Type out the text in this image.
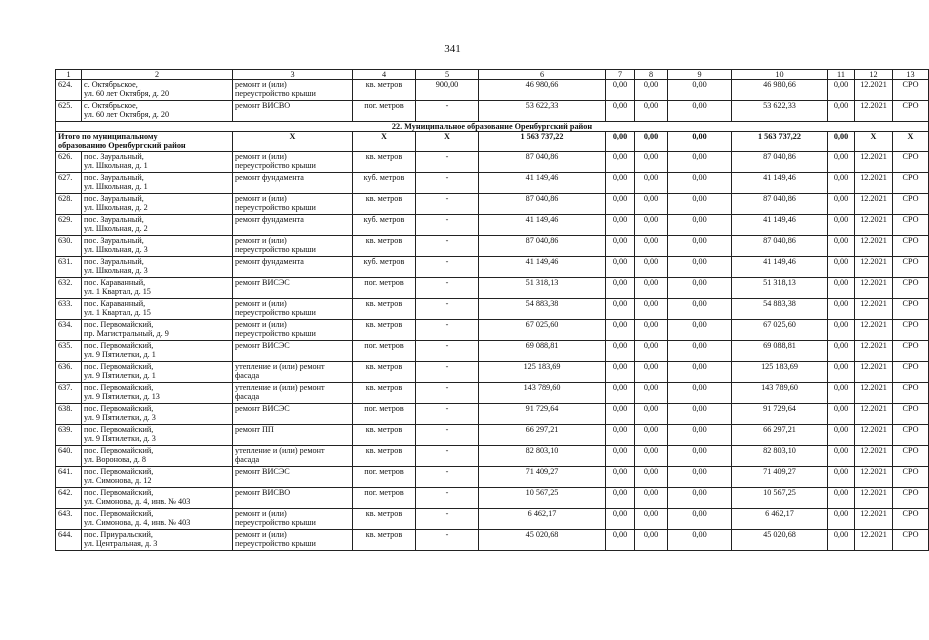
341
1	2	3	4	5	6	7	8	9	10	11	12	13
624.	с. Октябрьское,
ул. 60 лет Октября, д. 20	ремонт и (или)
переустройство крыши	кв. метров	900,00	46 980,66	0,00	0,00	0,00	46 980,66	0,00	12.2021	СРО
625.	с. Октябрьское,
ул. 60 лет Октября, д. 20	ремонт ВИСВО	пог. метров	-	53 622,33	0,00	0,00	0,00	53 622,33	0,00	12.2021	СРО
22. Муниципальное образование Оренбургский район												

Итого по муниципальному
образованию Оренбургский район		X	X	X	1 563 737,22	0,00	0,00	0,00	1 563 737,22	0,00	X	X
626.	пос. Зауральный,
ул. Школьная, д. 1	ремонт и (или)
переустройство крыши	кв. метров	-	87 040,86	0,00	0,00	0,00	87 040,86	0,00	12.2021	СРО
627.	пос. Зауральный,
ул. Школьная, д. 1	ремонт фундамента	куб. метров	-	41 149,46	0,00	0,00	0,00	41 149,46	0,00	12.2021	СРО
628.	пос. Зауральный,
ул. Школьная, д. 2	ремонт и (или)
переустройство крыши	кв. метров	-	87 040,86	0,00	0,00	0,00	87 040,86	0,00	12.2021	СРО
629.	пос. Зауральный,
ул. Школьная, д. 2	ремонт фундамента	куб. метров	-	41 149,46	0,00	0,00	0,00	41 149,46	0,00	12.2021	СРО
630.	пос. Зауральный,
ул. Школьная, д. 3	ремонт и (или)
переустройство крыши	кв. метров	-	87 040,86	0,00	0,00	0,00	87 040,86	0,00	12.2021	СРО
631.	пос. Зауральный,
ул. Школьная, д. 3	ремонт фундамента	куб. метров	-	41 149,46	0,00	0,00	0,00	41 149,46	0,00	12.2021	СРО
632.	пос. Караванный,
ул. 1 Квартал, д. 15	ремонт ВИСЭС	пог. метров	-	51 318,13	0,00	0,00	0,00	51 318,13	0,00	12.2021	СРО
633.	пос. Караванный,
ул. 1 Квартал, д. 15	ремонт и (или)
переустройство крыши	кв. метров	-	54 883,38	0,00	0,00	0,00	54 883,38	0,00	12.2021	СРО
634.	пос. Первомайский,
пр. Магистральный, д. 9	ремонт и (или)
переустройство крыши	кв. метров	-	67 025,60	0,00	0,00	0,00	67 025,60	0,00	12.2021	СРО
635.	пос. Первомайский,
ул. 9 Пятилетки, д. 1	ремонт ВИСЭС	пог. метров	-	69 088,81	0,00	0,00	0,00	69 088,81	0,00	12.2021	СРО
636.	пос. Первомайский,
ул. 9 Пятилетки, д. 1	утепление и (или) ремонт
фасада	кв. метров	-	125 183,69	0,00	0,00	0,00	125 183,69	0,00	12.2021	СРО
637.	пос. Первомайский,
ул. 9 Пятилетки, д. 13	утепление и (или) ремонт
фасада	кв. метров	-	143 789,60	0,00	0,00	0,00	143 789,60	0,00	12.2021	СРО
638.	пос. Первомайский,
ул. 9 Пятилетки, д. 3	ремонт ВИСЭС	пог. метров	-	91 729,64	0,00	0,00	0,00	91 729,64	0,00	12.2021	СРО
639.	пос. Первомайский,
ул. 9 Пятилетки, д. 3	ремонт ПП	кв. метров	-	66 297,21	0,00	0,00	0,00	66 297,21	0,00	12.2021	СРО
640.	пос. Первомайский,
ул. Воронова, д. 8	утепление и (или) ремонт
фасада	кв. метров	-	82 803,10	0,00	0,00	0,00	82 803,10	0,00	12.2021	СРО
641.	пос. Первомайский,
ул. Симонова, д. 12	ремонт ВИСЭС	пог. метров	-	71 409,27	0,00	0,00	0,00	71 409,27	0,00	12.2021	СРО
642.	пос. Первомайский,
ул. Симонова, д. 4, инв. № 403	ремонт ВИСВО	пог. метров	-	10 567,25	0,00	0,00	0,00	10 567,25	0,00	12.2021	СРО
643.	пос. Первомайский,
ул. Симонова, д. 4, инв. № 403	ремонт и (или)
переустройство крыши	кв. метров	-	6 462,17	0,00	0,00	0,00	6 462,17	0,00	12.2021	СРО
644.	пос. Приуральский,
ул. Центральная, д. 3	ремонт и (или)
переустройство крыши	кв. метров	-	45 020,68	0,00	0,00	0,00	45 020,68	0,00	12.2021	СРО
